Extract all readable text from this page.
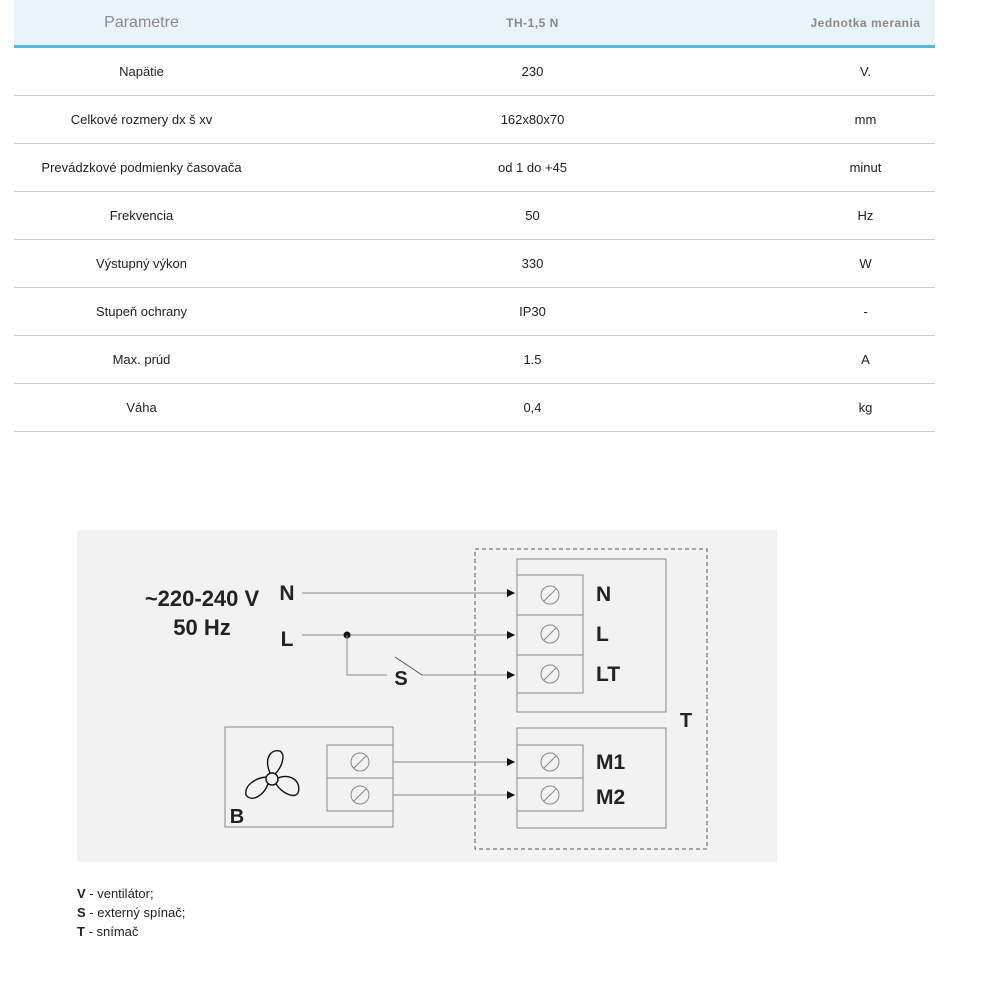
Parametre	TH-1,5 N	Jednotka merania
Napätie	230	V.
Celkové rozmery dx š xv	162x80x70	mm
Prevádzkové podmienky časovača	od 1 do +45	minut
Frekvencia	50	Hz
Výstupný výkon	330	W
Stupeň ochrany	IP30	-
Max. prúd	1.5	A
Váha	0,4	kg
~220-240 V
50 Hz
N
L
S
N
L
LT
M1
M2
T
B
V - ventilátor;
S - externý spínač;
T - snímač
